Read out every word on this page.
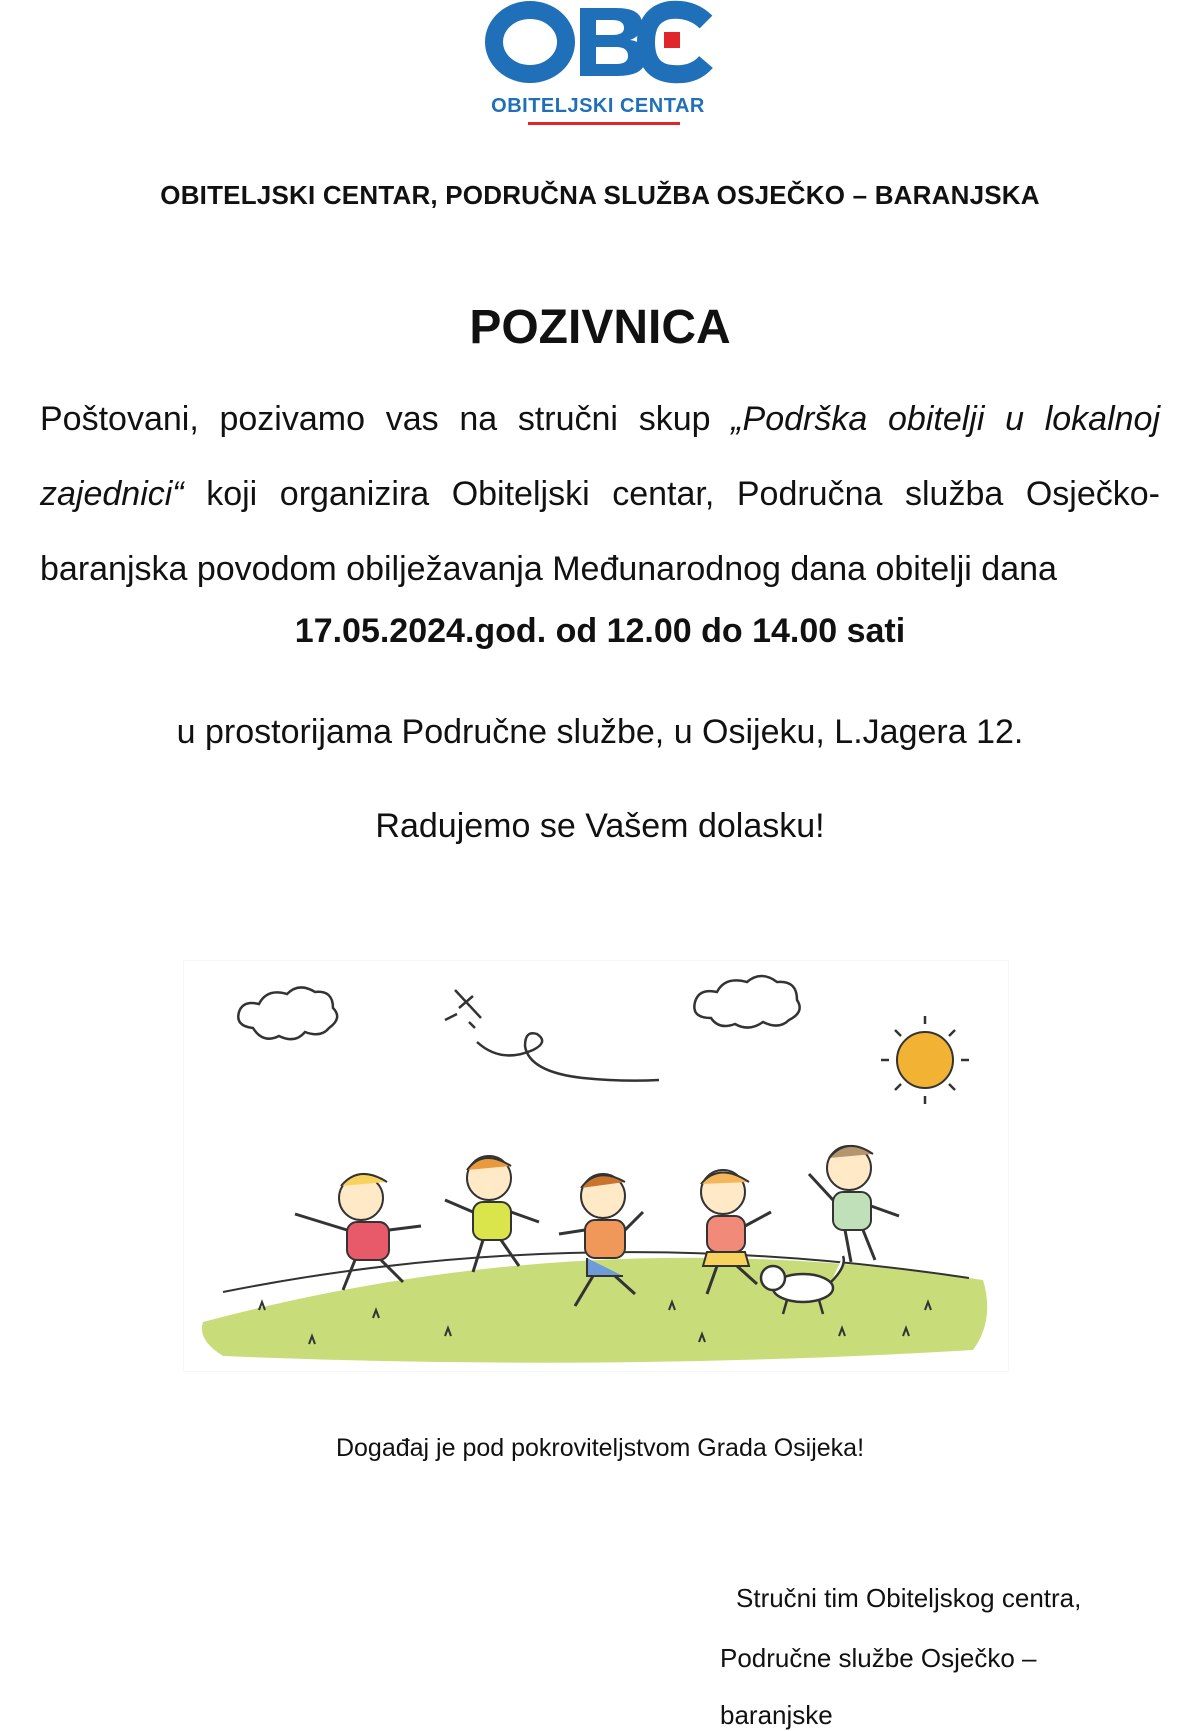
OBITELJSKI CENTAR
OBITELJSKI CENTAR, PODRUČNA SLUŽBA OSJEČKO – BARANJSKA
POZIVNICA

Poštovani, pozivamo vas na stručni skup „Podrška obitelji u lokalnoj zajednici“ koji organizira Obiteljski centar, Područna služba Osječko-baranjska povodom obilježavanja Međunarodnog dana obitelji dana

17.05.2024.god. od 12.00 do 14.00 sati
u prostorijama Područne službe, u Osijeku, L.Jagera 12.
Radujemo se Vašem dolasku!
Događaj je pod pokroviteljstvom Grada Osijeka!
Stručni tim Obiteljskog centra,
Područne službe Osječko –
baranjske
